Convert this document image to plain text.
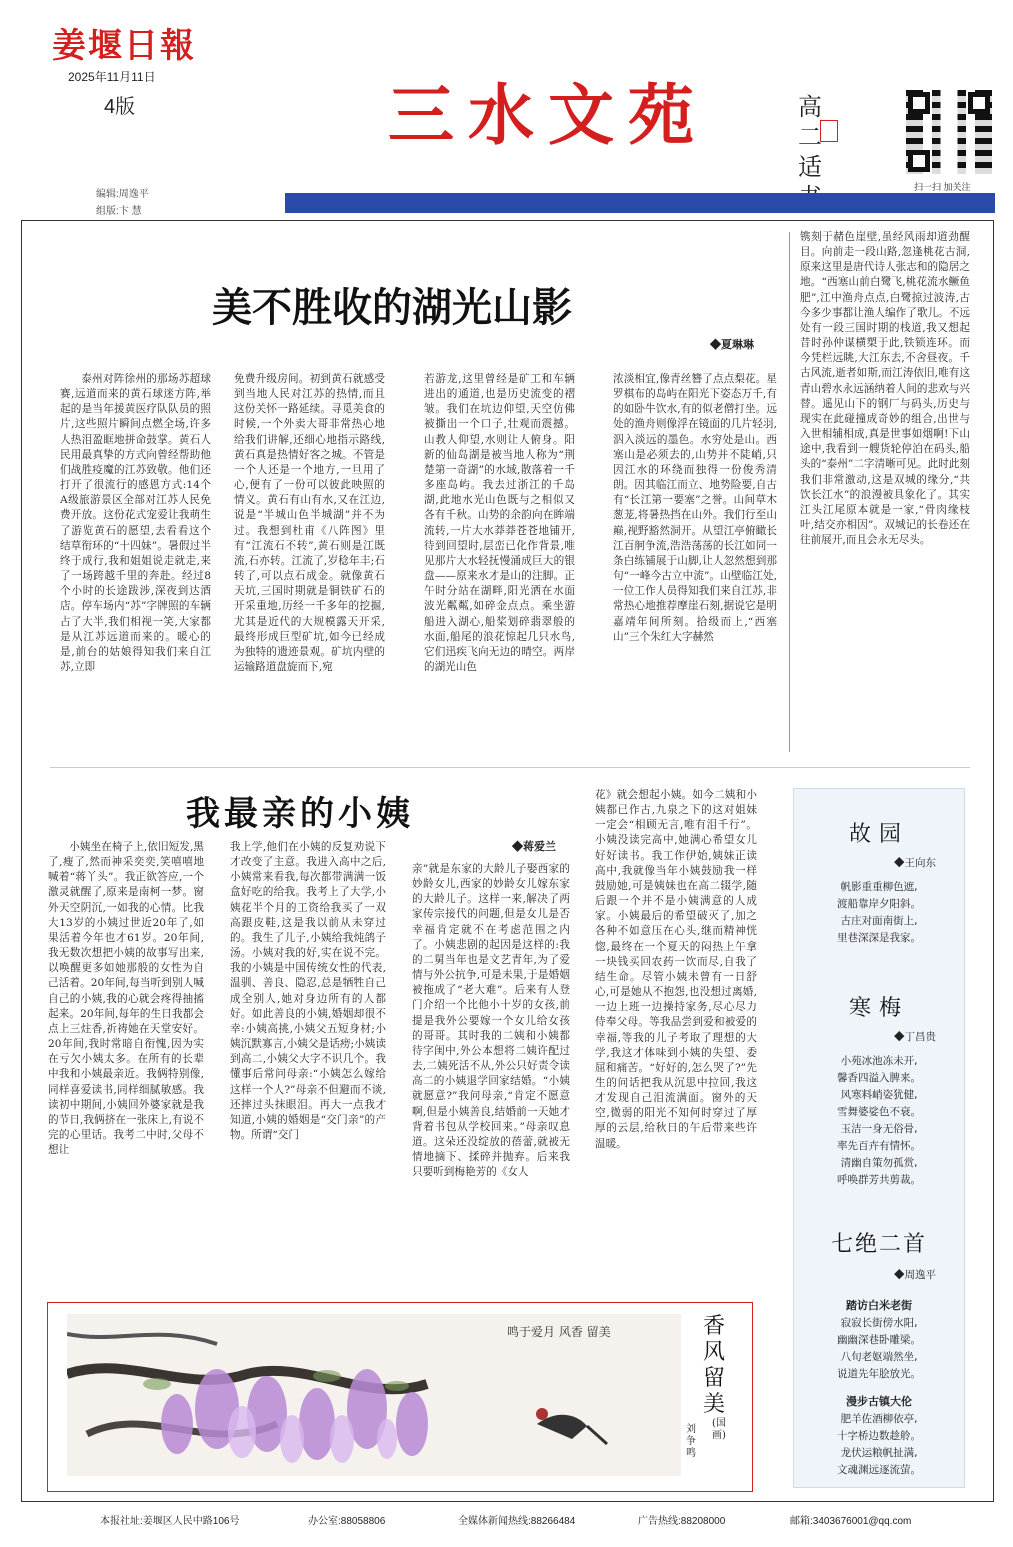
姜堰日報
2025年11月11日
4版	三水文苑	高 二 适
扫一扫 加关注
编辑:周逸平
组版:卞 慧
美不胜收的湖光山影
◆夏琳琳

泰州对阵徐州的那场苏超球赛,远道而来的黄石球迷方阵,举起的是当年援黄医疗队队员的照片,这些照片瞬间点燃全场,许多人热泪盈眶地拼命鼓掌。黄石人民用最真挚的方式向曾经帮助他们战胜疫魔的江苏致敬。他们还打开了很流行的感恩方式:14个A级旅游景区全部对江苏人民免费开放。这份花式宠爱让我萌生了游览黄石的愿望,去看看这个结草衔环的“十四妹”。暑假过半终于成行,我和姐姐说走就走,来了一场跨越千里的奔赴。经过8个小时的长途跋涉,深夜到达酒店。停车场内“苏”字牌照的车辆占了大半,我们相视一笑,大家都是从江苏远道而来的。暖心的是,前台的姑娘得知我们来自江苏,立即

免费升级房间。初到黄石就感受到当地人民对江苏的热情,而且这份关怀一路延续。寻觅美食的时候,一个外卖大哥非常热心地给我们讲解,还细心地指示路线,黄石真是热情好客之城。不管是一个人还是一个地方,一旦用了心,便有了一份可以彼此映照的情义。黄石有山有水,又在江边,说是“半城山色半城湖”并不为过。我想到杜甫《八阵图》里有“江流石不转”,黄石则是江既流,石亦转。江流了,岁稔年丰;石转了,可以点石成金。就像黄石天坑,三国时期就是铜铁矿石的开采重地,历经一千多年的挖掘,尤其是近代的大规模露天开采,最终形成巨型矿坑,如今已经成为独特的遗迹景观。矿坑内壁的运输路道盘旋而下,宛

若游龙,这里曾经是矿工和车辆进出的通道,也是历史流变的褶皱。我们在坑边仰望,天空仿佛被撕出一个口子,壮观而震撼。山教人仰望,水则让人俯身。阳新的仙岛湖是被当地人称为“荆楚第一奇湖”的水域,散落着一千多座岛屿。我去过浙江的千岛湖,此地水光山色既与之相似又各有千秋。山势的余韵向在眸端流转,一片大水莽莽苍苍地铺开,待到回望时,层峦已化作背景,唯见那片大水轻抚慢涌成巨大的银盘——原来水才是山的注脚。正午时分站在湖畔,阳光洒在水面波光粼粼,如碎金点点。乘坐游船进入湖心,船桨划碎翡翠般的水面,船尾的浪花惊起几只水鸟,它们迅疾飞向无边的晴空。两岸的湖光山色

浓淡相宜,像青丝簪了点点梨花。星罗棋布的岛屿在阳光下姿态万千,有的如卧牛饮水,有的似老僧打坐。远处的渔舟则像浮在镜面的几片轻羽,泅入淡远的墨色。水穷处是山。西塞山是必须去的,山势并不陡峭,只因江水的环绕而独得一份俊秀清朗。因其临江而立、地势险要,自古有“长江第一要塞”之誉。山间草木葱茏,将暑热挡在山外。我们行至山巅,视野豁然洞开。从望江亭俯瞰长江百舸争流,浩浩荡荡的长江如同一条白练铺展于山脚,让人忽然想到那句“一峰今古立中流”。山壁临江处,一位工作人员得知我们来自江苏,非常热心地推荐摩崖石刻,据说它是明嘉靖年间所刻。拾级而上,“西塞山”三个朱红大字赫然

镌刻于赭色崖壁,虽经风雨却道劲醒目。向前走一段山路,忽逢桃花古洞,原来这里是唐代诗人张志和的隐居之地。“西塞山前白鹭飞,桃花流水鳜鱼肥”,江中渔舟点点,白鹭掠过波涛,古今多少事都让渔人编作了歌儿。不远处有一段三国时期的栈道,我又想起昔时孙仲谋横槊于此,铁锁连环。而今凭栏远眺,大江东去,不舍昼夜。千古风流,逝者如斯,而江涛依旧,唯有这青山碧水永远涵纳着人间的悲欢与兴替。遥见山下的钢厂与码头,历史与现实在此碰撞成奇妙的组合,出世与入世相辅相成,真是世事如烟啊!下山途中,我看到一艘货轮停泊在码头,船头的“泰州”二字清晰可见。此时此刻我们非常激动,这是双城的缘分,“共饮长江水”的浪漫被具象化了。其实江头江尾原本就是一家,“骨肉缘枝叶,结交亦相因”。双城记的长卷还在往前展开,而且会永无尽头。

我最亲的小姨
◆蒋爱兰

小姨坐在椅子上,依旧短发,黑了,瘦了,然而神采奕奕,笑嘻嘻地喊着“蒋丫头”。我正欲答应,一个激灵就醒了,原来是南柯一梦。窗外天空阴沉,一如我的心情。比我大13岁的小姨过世近20年了,如果活着今年也才61岁。20年间,我无数次想把小姨的故事写出来,以唤醒更多如她那般的女性为自己活着。20年间,每当听到别人喊自己的小姨,我的心就会疼得抽搐起来。20年间,每年的生日我都会点上三炷香,祈祷她在天堂安好。20年间,我时常暗自衔愧,因为实在亏欠小姨太多。在所有的长辈中我和小姨最亲近。我俩特别像,同样喜爱读书,同样细腻敏感。我读初中期间,小姨回外婆家就是我的节日,我俩挤在一张床上,有说不完的心里话。我考二中时,父母不想让

我上学,他们在小姨的反复劝说下才改变了主意。我进入高中之后,小姨常来看我,每次都带满满一饭盒好吃的给我。我考上了大学,小姨花半个月的工资给我买了一双高跟皮鞋,这是我以前从未穿过的。我生了儿子,小姨给我炖鸽子汤。小姨对我的好,实在说不完。我的小姨是中国传统女性的代表,温驯、善良、隐忍,总是牺牲自己成全别人,她对身边所有的人都好。如此善良的小姨,婚姻却很不幸:小姨高挑,小姨父五短身材;小姨沉默寡言,小姨父是话痨;小姨读到高二,小姨父大字不识几个。我懂事后常问母亲:“小姨怎么嫁给这样一个人?”母亲不但避而不谈,还摔过头抹眼泪。再大一点我才知道,小姨的婚姻是“交门亲”的产物。所谓“交门

亲”就是东家的大龄儿子娶西家的妙龄女儿,西家的妙龄女儿嫁东家的大龄儿子。这样一来,解决了两家传宗接代的问题,但是女儿是否幸福肯定就不在考虑范围之内了。小姨悲剧的起因是这样的:我的二舅当年也是文艺青年,为了爱情与外公抗争,可是未果,于是婚姻被拖成了“老大难”。后来有人登门介绍一个比他小十岁的女孩,前提是我外公要嫁一个女儿给女孩的哥哥。其时我的二姨和小姨都待字闺中,外公本想将二姨许配过去,二姨死活不从,外公只好责令读高二的小姨退学回家结婚。“小姨就愿意?”我问母亲,“肯定不愿意啊,但是小姨善良,结婚前一天她才背着书包从学校回来。”母亲叹息道。这朵还没绽放的蓓蕾,就被无情地摘下、揉碎并抛弃。后来我只要听到梅艳芳的《女人

花》就会想起小姨。如今二姨和小姨都已作古,九泉之下的这对姐妹一定会“相顾无言,唯有泪千行”。小姨没读完高中,她满心希望女儿好好读书。我工作伊始,姨妹正读高中,我就像当年小姨鼓励我一样鼓励她,可是姨妹也在高二辍学,随后跟一个并不是小姨满意的人成家。小姨最后的希望破灭了,加之各种不如意压在心头,继而精神恍惚,最终在一个夏天的闷热上午拿一块钱买回农药一饮而尽,自我了结生命。尽管小姨未曾有一日舒心,可是她从不抱怨,也没想过离婚,一边上班一边操持家务,尽心尽力侍奉父母。等我品尝到爱和被爱的幸福,等我的儿子考取了理想的大学,我这才体味到小姨的失望、委屈和痛苦。“好好的,怎么哭了?”先生的问话把我从沉思中拉回,我这才发现自己泪流满面。窗外的天空,微弱的阳光不知何时穿过了厚厚的云层,给秋日的午后带来些许温暖。

故园
◆王向东
帆影重重柳色遮,
渡船靠岸夕阳斜。
古庄对面南街上,
里巷深深是我家。
寒梅
◆丁昌贵
小苑冰池冻未开,
馨香四溢入脾来。
风寒料峭姿犹健,
雪舞婆娑色不衰。
玉洁一身无俗骨,
率先百卉有情怀。
清幽自策勿孤赏,
呼唤群芳共剪裁。
七绝二首
◆周逸平
踏访白米老街
寂寂长街傍水阳,
幽幽深巷卧雕梁。
八旬老妪端然坐,
说道先年脍放光。
漫步古镇大伦
肥羊佐酒柳依亭,
十字桥边数趁舲。
龙伏运粮帆扯满,
文魂渊远逐流萤。
鸣于爱月 风香 留美	香风留美
(国画)
刘争鸣
本报社址:姜堰区人民中路106号	办公室:88058806	全媒体新闻热线:88266484	广告热线:88208000	邮箱:3403676001@qq.com
